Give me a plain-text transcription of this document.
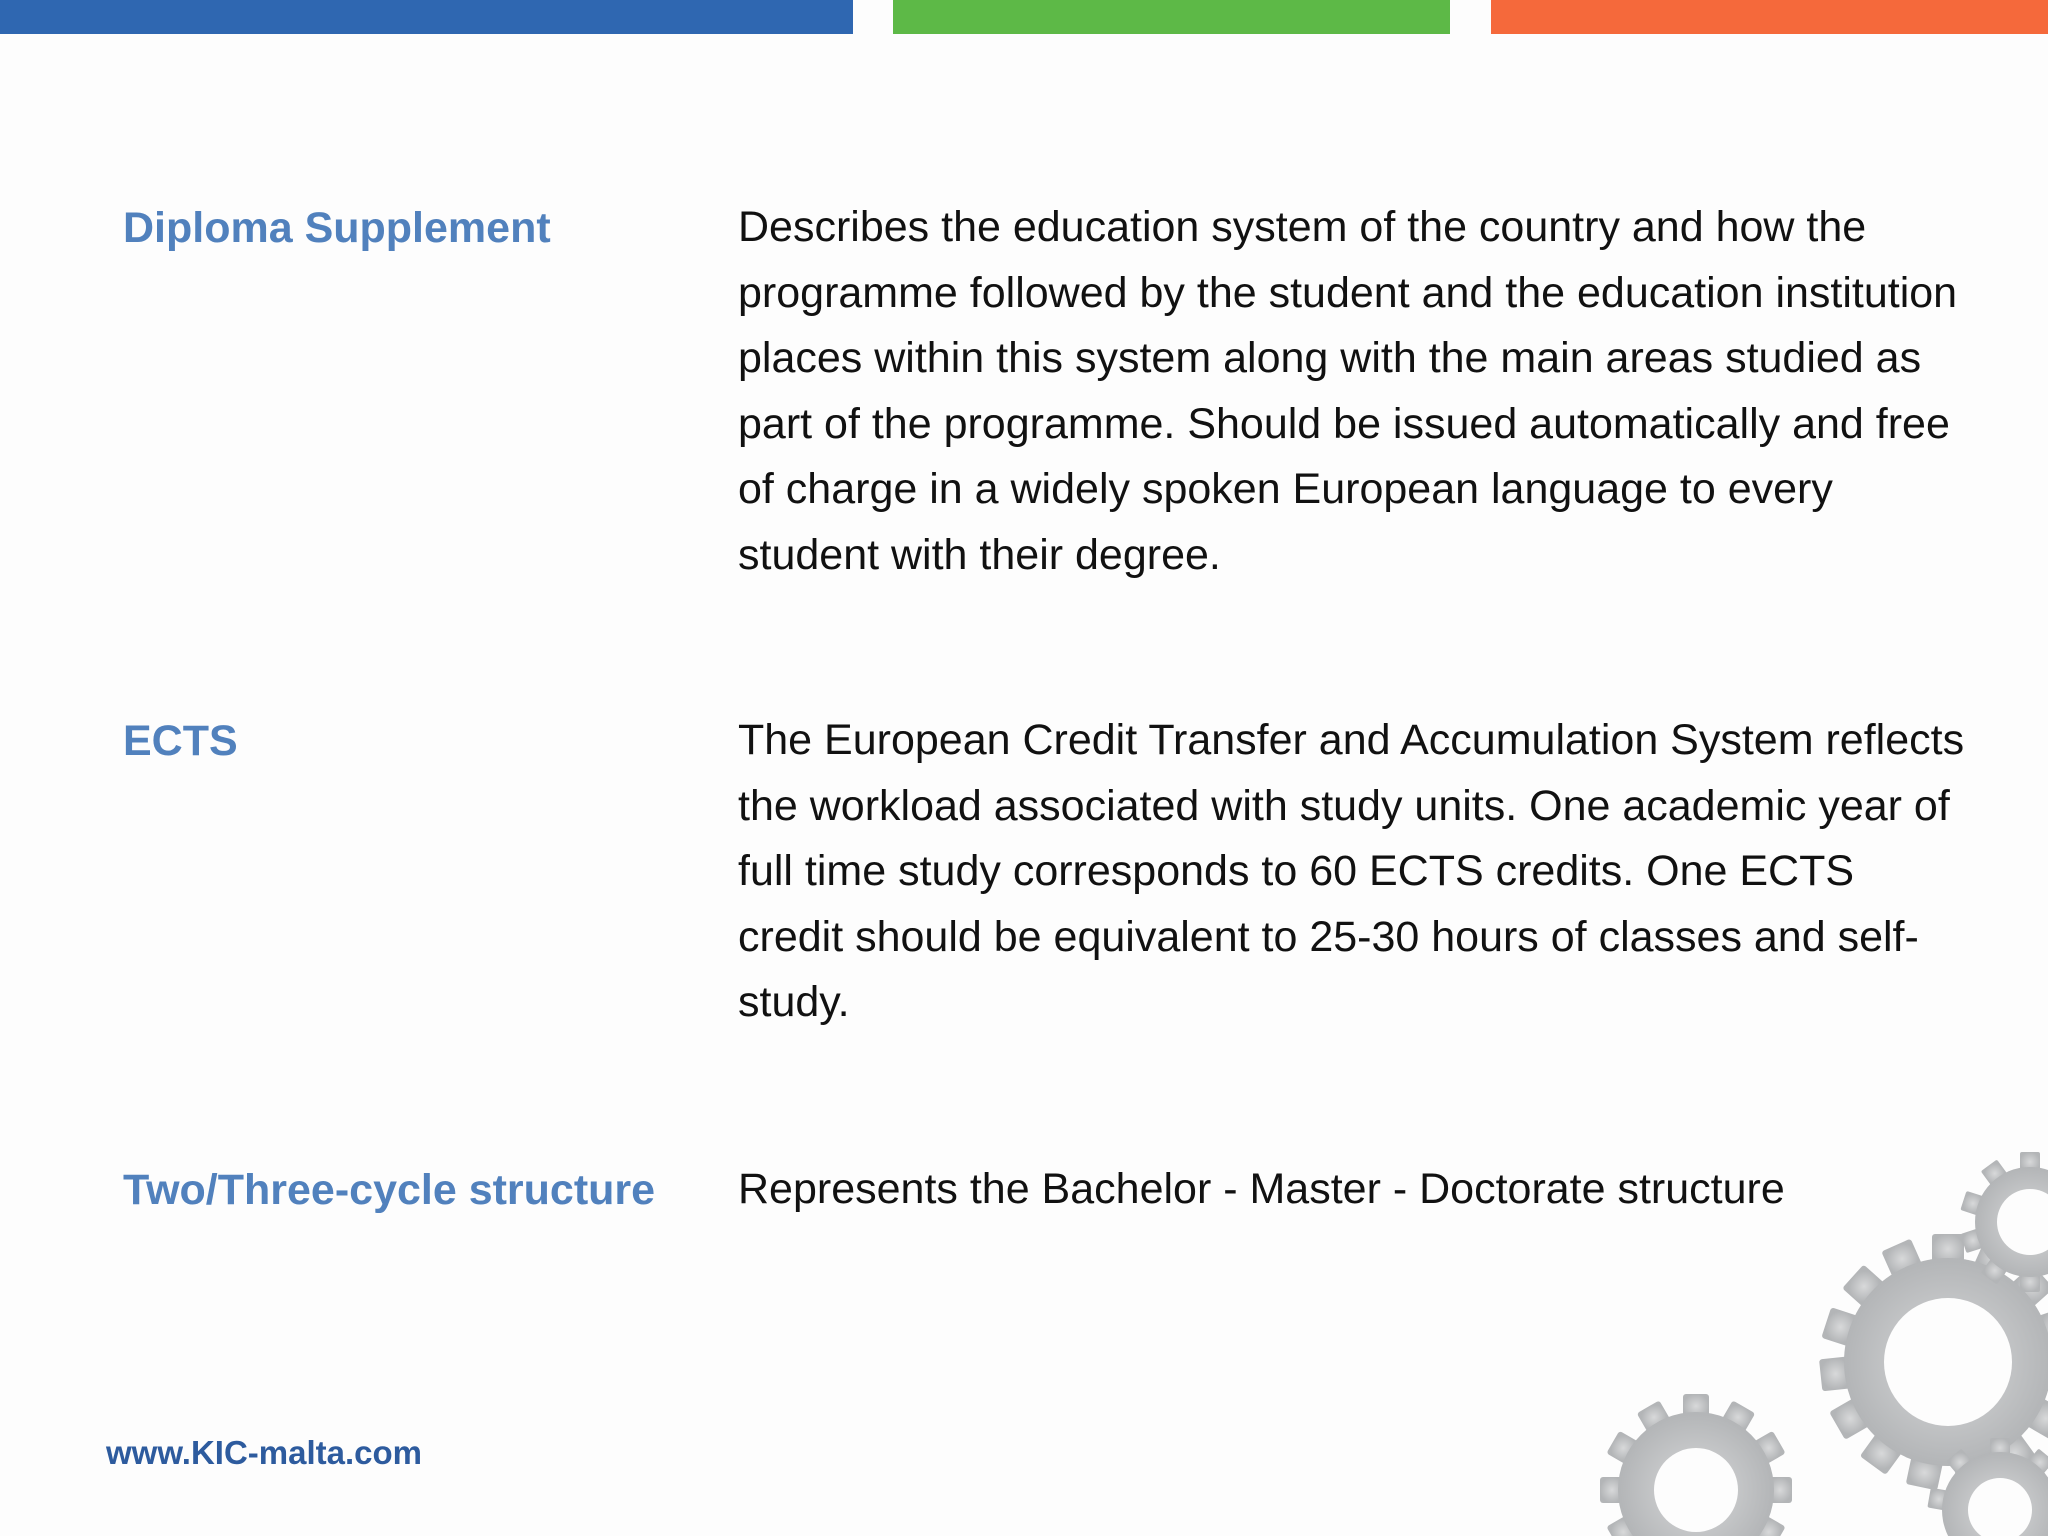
Diploma Supplement	Describes the education system of the country and how the programme followed by the student and the education institution places within this system along with the main areas studied as part of the programme. Should be issued automatically and free of charge in a widely spoken European language to every student with their degree.
ECTS	The European Credit Transfer and Accumulation System reflects the workload associated with study units. One academic year of full time study corresponds to 60 ECTS credits. One ECTS credit should be equivalent to 25-30 hours of classes and self-study.
Two/Three-cycle structure Represents the Bachelor - Master - Doctorate structure
www.KIC-malta.com
